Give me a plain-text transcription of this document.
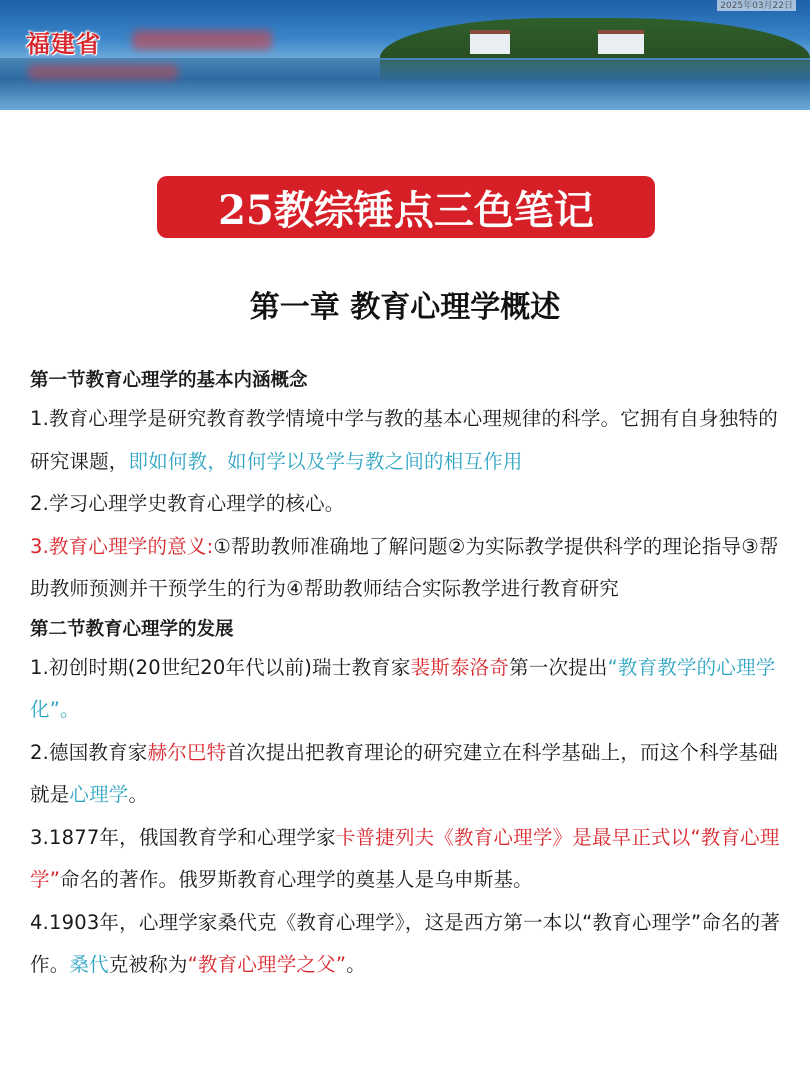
福建省
2025年03月22日
25教综锤点三色笔记
第一章 教育心理学概述

第一节教育心理学的基本内涵概念

1.教育心理学是研究教育教学情境中学与教的基本心理规律的科学。它拥有自身独特的研究课题，即如何教，如何学以及学与教之间的相互作用

2.学习心理学史教育心理学的核心。

3.教育心理学的意义:①帮助教师准确地了解问题②为实际教学提供科学的理论指导③帮助教师预测并干预学生的行为④帮助教师结合实际教学进行教育研究

第二节教育心理学的发展

1.初创时期(20世纪20年代以前)瑞士教育家裴斯泰洛奇第一次提出“教育教学的心理学化”。

2.德国教育家赫尔巴特首次提出把教育理论的研究建立在科学基础上，而这个科学基础就是心理学。

3.1877年，俄国教育学和心理学家卡普捷列夫《教育心理学》是最早正式以“教育心理学”命名的著作。俄罗斯教育心理学的奠基人是乌申斯基。

4.1903年，心理学家桑代克《教育心理学》，这是西方第一本以“教育心理学”命名的著作。桑代克被称为“教育心理学之父”。
